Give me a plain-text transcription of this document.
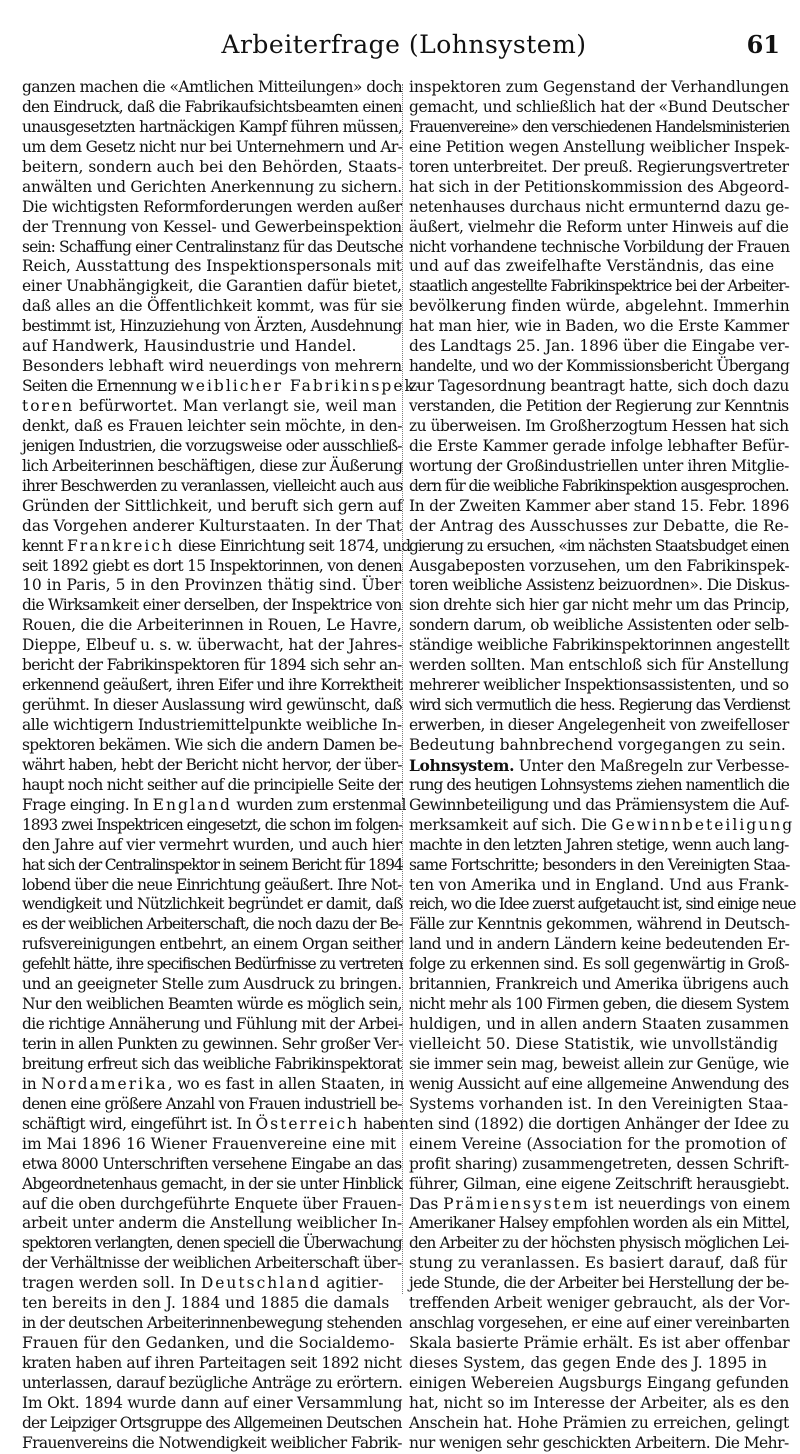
Arbeiterfrage (Lohnsystem)	61
ganzen machen die «Amtlichen Mitteilungen» doch
den Eindruck, daß die Fabrikaufsichtsbeamten einen
unausgesetzten hartnäckigen Kampf führen müssen,
um dem Gesetz nicht nur bei Unternehmern und Ar-
beitern, sondern auch bei den Behörden, Staats-
anwälten und Gerichten Anerkennung zu sichern.
Die wichtigsten Reformforderungen werden außer
der Trennung von Kessel- und Gewerbeinspektion
sein: Schaffung einer Centralinstanz für das Deutsche
Reich, Ausstattung des Inspektionspersonals mit
einer Unabhängigkeit, die Garantien dafür bietet,
daß alles an die Öffentlichkeit kommt, was für sie
bestimmt ist, Hinzuziehung von Ärzten, Ausdehnung
auf Handwerk, Hausindustrie und Handel.
Besonders lebhaft wird neuerdings von mehrern
Seiten die Ernennung weiblicher Fabrikinspek-
toren befürwortet. Man verlangt sie, weil man
denkt, daß es Frauen leichter sein möchte, in den-
jenigen Industrien, die vorzugsweise oder ausschließ-
lich Arbeiterinnen beschäftigen, diese zur Äußerung
ihrer Beschwerden zu veranlassen, vielleicht auch aus
Gründen der Sittlichkeit, und beruft sich gern auf
das Vorgehen anderer Kulturstaaten. In der That
kennt Frankreich diese Einrichtung seit 1874, und
seit 1892 giebt es dort 15 Inspektorinnen, von denen
10 in Paris, 5 in den Provinzen thätig sind. Über
die Wirksamkeit einer derselben, der Inspektrice von
Rouen, die die Arbeiterinnen in Rouen, Le Havre,
Dieppe, Elbeuf u. s. w. überwacht, hat der Jahres-
bericht der Fabrikinspektoren für 1894 sich sehr an-
erkennend geäußert, ihren Eifer und ihre Korrektheit
gerühmt. In dieser Auslassung wird gewünscht, daß
alle wichtigern Industriemittelpunkte weibliche In-
spektoren bekämen. Wie sich die andern Damen be-
währt haben, hebt der Bericht nicht hervor, der über-
haupt noch nicht seither auf die principielle Seite der
Frage einging. In England wurden zum erstenmal
1893 zwei Inspektricen eingesetzt, die schon im folgen-
den Jahre auf vier vermehrt wurden, und auch hier
hat sich der Centralinspektor in seinem Bericht für 1894
lobend über die neue Einrichtung geäußert. Ihre Not-
wendigkeit und Nützlichkeit begründet er damit, daß
es der weiblichen Arbeiterschaft, die noch dazu der Be-
rufsvereinigungen entbehrt, an einem Organ seither
gefehlt hätte, ihre specifischen Bedürfnisse zu vertreten
und an geeigneter Stelle zum Ausdruck zu bringen.
Nur den weiblichen Beamten würde es möglich sein,
die richtige Annäherung und Fühlung mit der Arbei-
terin in allen Punkten zu gewinnen. Sehr großer Ver-
breitung erfreut sich das weibliche Fabrikinspektorat
in Nordamerika, wo es fast in allen Staaten, in
denen eine größere Anzahl von Frauen industriell be-
schäftigt wird, eingeführt ist. In Österreich haben
im Mai 1896 16 Wiener Frauenvereine eine mit
etwa 8000 Unterschriften versehene Eingabe an das
Abgeordnetenhaus gemacht, in der sie unter Hinblick
auf die oben durchgeführte Enquete über Frauen-
arbeit unter anderm die Anstellung weiblicher In-
spektoren verlangten, denen speciell die Überwachung
der Verhältnisse der weiblichen Arbeiterschaft über-
tragen werden soll. In Deutschland agitier-
ten bereits in den J. 1884 und 1885 die damals
in der deutschen Arbeiterinnenbewegung stehenden
Frauen für den Gedanken, und die Socialdemo-
kraten haben auf ihren Parteitagen seit 1892 nicht
unterlassen, darauf bezügliche Anträge zu erörtern.
Im Okt. 1894 wurde dann auf einer Versammlung
der Leipziger Ortsgruppe des Allgemeinen Deutschen
Frauenvereins die Notwendigkeit weiblicher Fabrik-
inspektoren zum Gegenstand der Verhandlungen
gemacht, und schließlich hat der «Bund Deutscher
Frauenvereine» den verschiedenen Handelsministerien
eine Petition wegen Anstellung weiblicher Inspek-
toren unterbreitet. Der preuß. Regierungsvertreter
hat sich in der Petitionskommission des Abgeord-
netenhauses durchaus nicht ermunternd dazu ge-
äußert, vielmehr die Reform unter Hinweis auf die
nicht vorhandene technische Vorbildung der Frauen
und auf das zweifelhafte Verständnis, das eine
staatlich angestellte Fabrikinspektrice bei der Arbeiter-
bevölkerung finden würde, abgelehnt. Immerhin
hat man hier, wie in Baden, wo die Erste Kammer
des Landtags 25. Jan. 1896 über die Eingabe ver-
handelte, und wo der Kommissionsbericht Übergang
zur Tagesordnung beantragt hatte, sich doch dazu
verstanden, die Petition der Regierung zur Kenntnis
zu überweisen. Im Großherzogtum Hessen hat sich
die Erste Kammer gerade infolge lebhafter Befür-
wortung der Großindustriellen unter ihren Mitglie-
dern für die weibliche Fabrikinspektion ausgesprochen.
In der Zweiten Kammer aber stand 15. Febr. 1896
der Antrag des Ausschusses zur Debatte, die Re-
gierung zu ersuchen, «im nächsten Staatsbudget einen
Ausgabeposten vorzusehen, um den Fabrikinspek-
toren weibliche Assistenz beizuordnen». Die Diskus-
sion drehte sich hier gar nicht mehr um das Princip,
sondern darum, ob weibliche Assistenten oder selb-
ständige weibliche Fabrikinspektorinnen angestellt
werden sollten. Man entschloß sich für Anstellung
mehrerer weiblicher Inspektionsassistenten, und so
wird sich vermutlich die hess. Regierung das Verdienst
erwerben, in dieser Angelegenheit von zweifelloser
Bedeutung bahnbrechend vorgegangen zu sein.
Lohnsystem. Unter den Maßregeln zur Verbesse-
rung des heutigen Lohnsystems ziehen namentlich die
Gewinnbeteiligung und das Prämiensystem die Auf-
merksamkeit auf sich. Die Gewinnbeteiligung
machte in den letzten Jahren stetige, wenn auch lang-
same Fortschritte; besonders in den Vereinigten Staa-
ten von Amerika und in England. Und aus Frank-
reich, wo die Idee zuerst aufgetaucht ist, sind einige neue
Fälle zur Kenntnis gekommen, während in Deutsch-
land und in andern Ländern keine bedeutenden Er-
folge zu erkennen sind. Es soll gegenwärtig in Groß-
britannien, Frankreich und Amerika übrigens auch
nicht mehr als 100 Firmen geben, die diesem System
huldigen, und in allen andern Staaten zusammen
vielleicht 50. Diese Statistik, wie unvollständig
sie immer sein mag, beweist allein zur Genüge, wie
wenig Aussicht auf eine allgemeine Anwendung des
Systems vorhanden ist. In den Vereinigten Staa-
ten sind (1892) die dortigen Anhänger der Idee zu
einem Vereine (Association for the promotion of
profit sharing) zusammengetreten, dessen Schrift-
führer, Gilman, eine eigene Zeitschrift herausgiebt.
Das Prämiensystem ist neuerdings von einem
Amerikaner Halsey empfohlen worden als ein Mittel,
den Arbeiter zu der höchsten physisch möglichen Lei-
stung zu veranlassen. Es basiert darauf, daß für
jede Stunde, die der Arbeiter bei Herstellung der be-
treffenden Arbeit weniger gebraucht, als der Vor-
anschlag vorgesehen, er eine auf einer vereinbarten
Skala basierte Prämie erhält. Es ist aber offenbar
dieses System, das gegen Ende des J. 1895 in
einigen Webereien Augsburgs Eingang gefunden
hat, nicht so im Interesse der Arbeiter, als es den
Anschein hat. Hohe Prämien zu erreichen, gelingt
nur wenigen sehr geschickten Arbeitern. Die Mehr-
